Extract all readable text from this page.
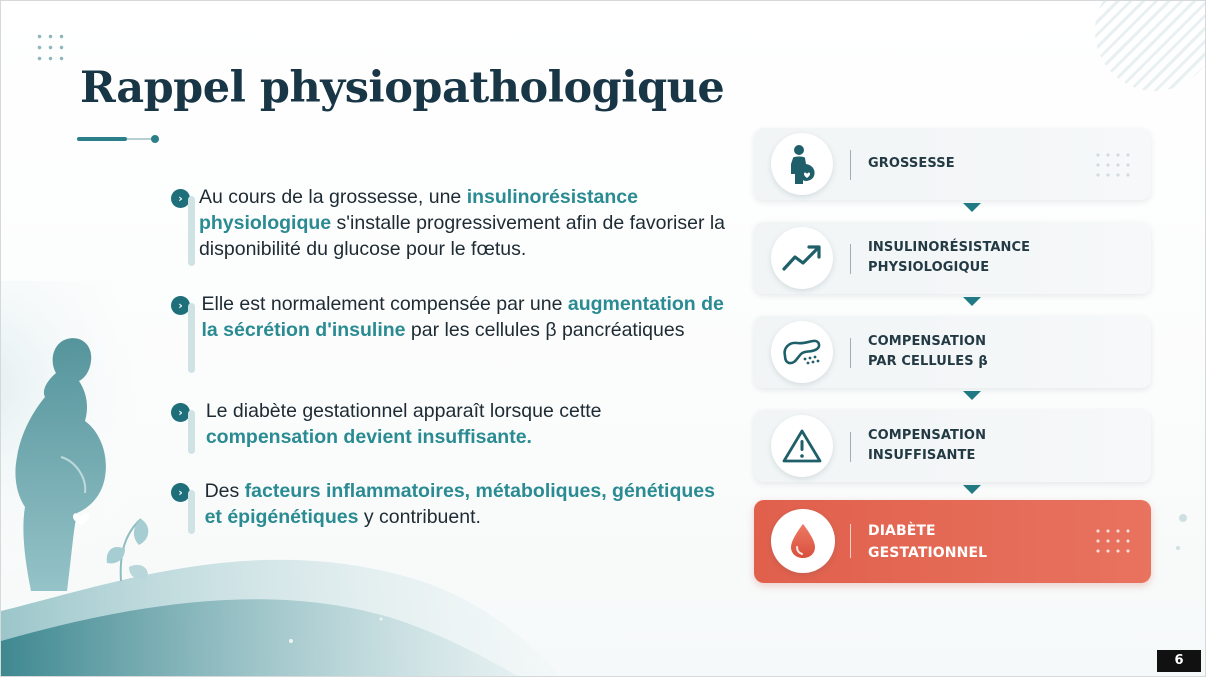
Rappel physiopathologique
› Au cours de la grossesse, une insulinorésistance physiologique s'installe progressivement afin de favoriser la disponibilité du glucose pour le fœtus.
› Elle est normalement compensée par une augmentation de la sécrétion d'insuline par les cellules β pancréatiques
›	Le diabète gestationnel apparaît lorsque cette compensation devient insuffisante.
›	Des facteurs inflammatoires, métaboliques, génétiques et épigénétiques y contribuent.
GROSSESSE
INSULINORÉSISTANCE
PHYSIOLOGIQUE
COMPENSATION
PAR CELLULES β
COMPENSATION
INSUFFISANTE
DIABÈTE
GESTATIONNEL
6
